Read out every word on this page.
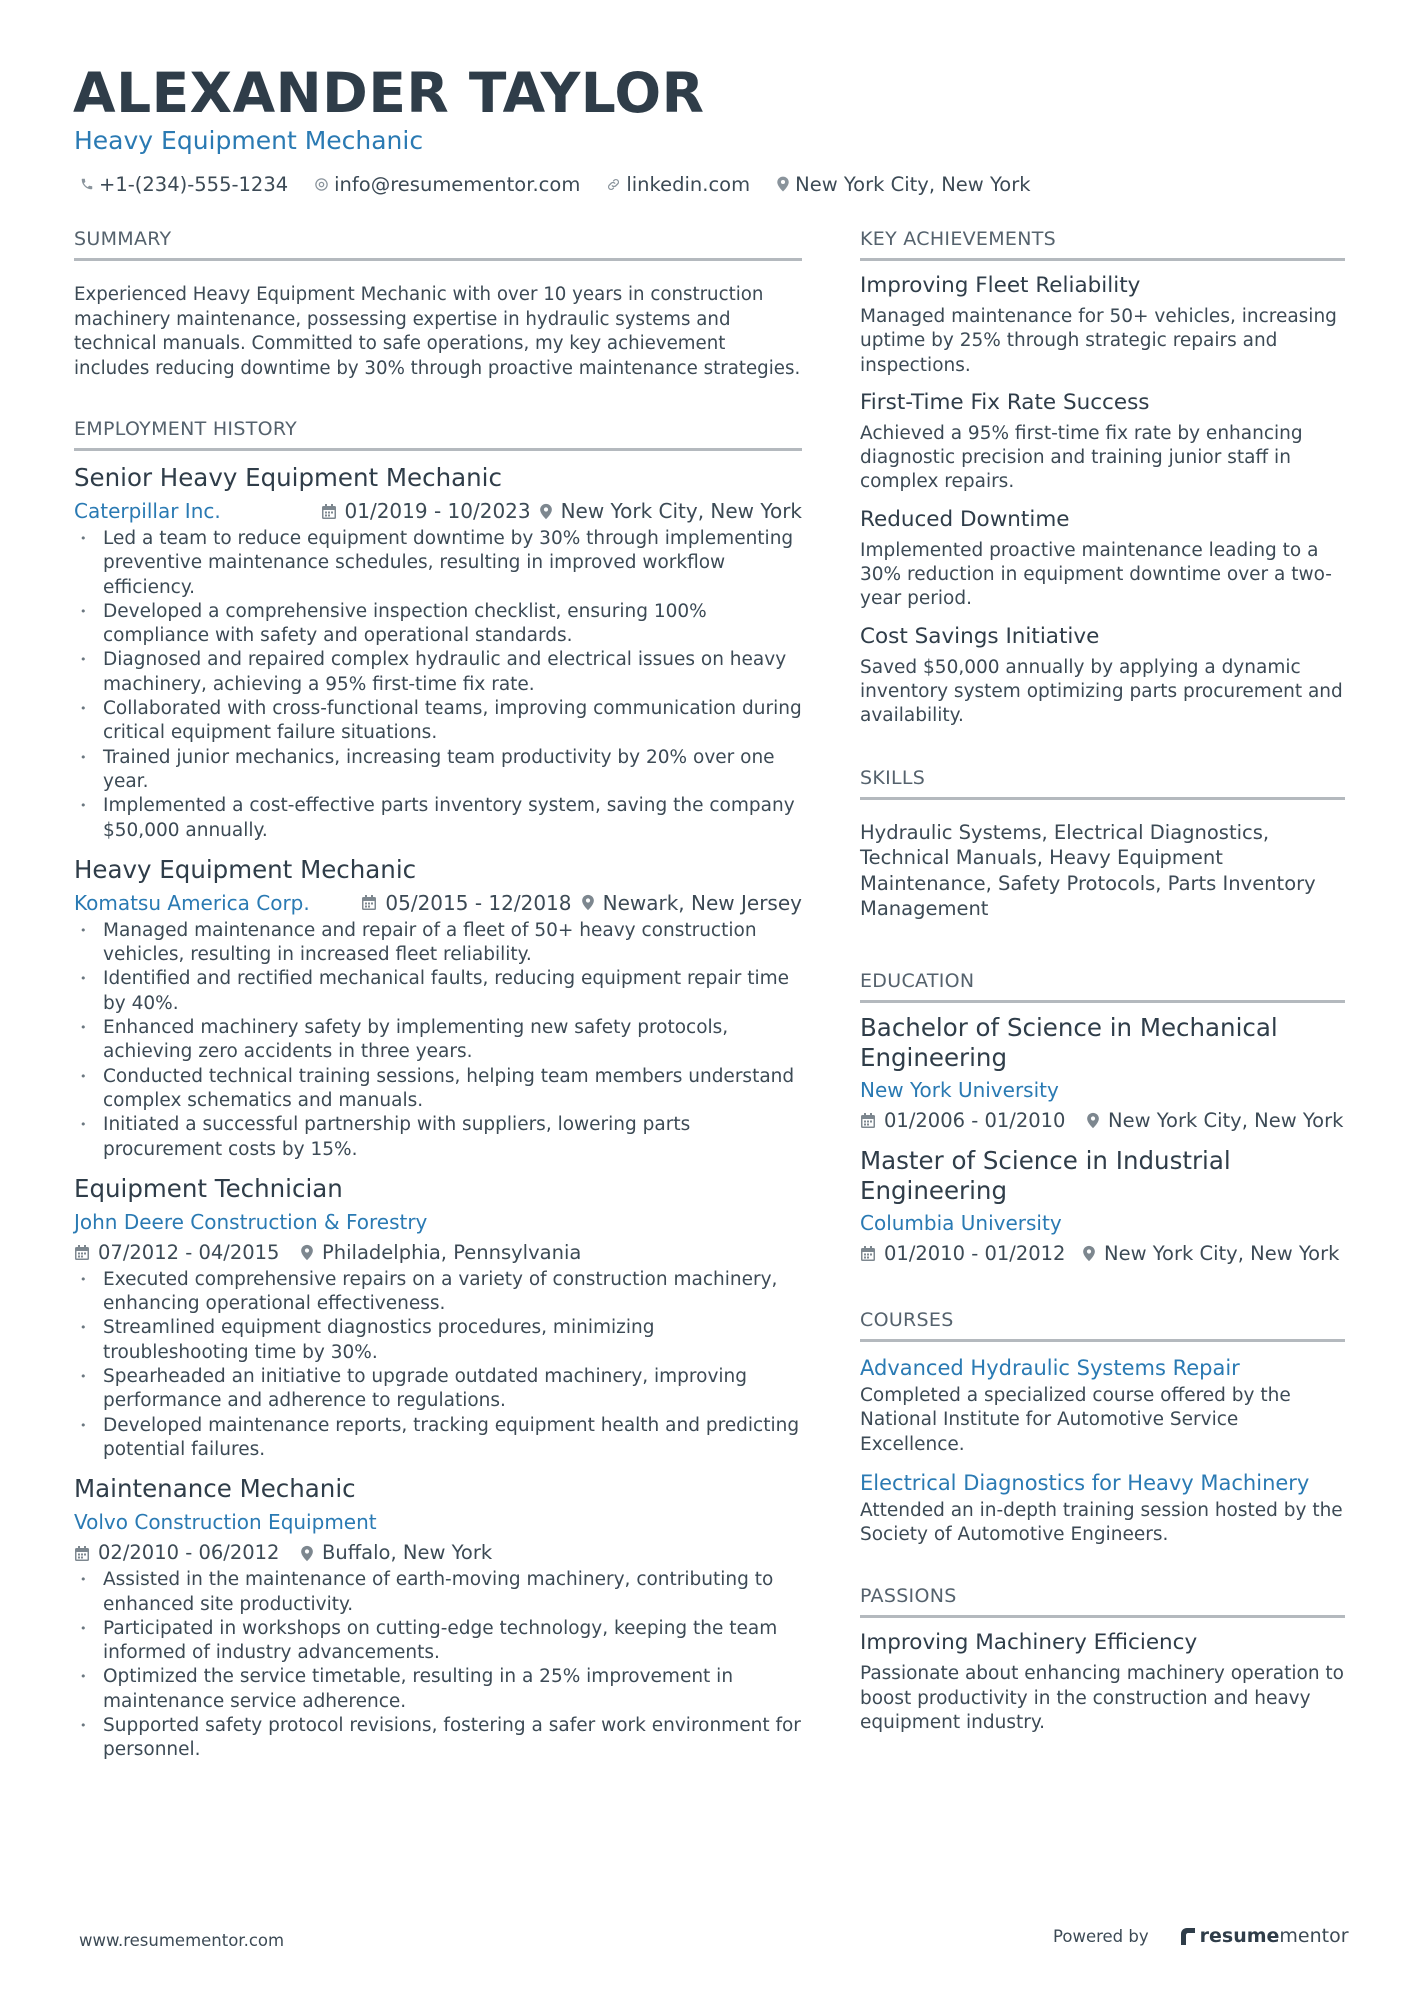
ALEXANDER TAYLOR
Heavy Equipment Mechanic
+1-(234)-555-1234 info@resumementor.com linkedin.com New York City, New York
SUMMARY

Experienced Heavy Equipment Mechanic with over 10 years in construction machinery maintenance, possessing expertise in hydraulic systems and technical manuals. Committed to safe operations, my key achievement includes reducing downtime by 30% through proactive maintenance strategies.

EMPLOYMENT HISTORY
Senior Heavy Equipment Mechanic
Caterpillar Inc.	01/2019 - 10/2023 New York City, New York
• Led a team to reduce equipment downtime by 30% through implementing preventive maintenance schedules, resulting in improved workflow efficiency.
• Developed a comprehensive inspection checklist, ensuring 100% compliance with safety and operational standards.
• Diagnosed and repaired complex hydraulic and electrical issues on heavy machinery, achieving a 95% first-time fix rate.
• Collaborated with cross-functional teams, improving communication during critical equipment failure situations.
• Trained junior mechanics, increasing team productivity by 20% over one year.
• Implemented a cost-effective parts inventory system, saving the company $50,000 annually.
Heavy Equipment Mechanic
Komatsu America Corp.	05/2015 - 12/2018 Newark, New Jersey
• Managed maintenance and repair of a fleet of 50+ heavy construction vehicles, resulting in increased fleet reliability.
• Identified and rectified mechanical faults, reducing equipment repair time by 40%.
• Enhanced machinery safety by implementing new safety protocols, achieving zero accidents in three years.
• Conducted technical training sessions, helping team members understand complex schematics and manuals.
• Initiated a successful partnership with suppliers, lowering parts procurement costs by 15%.
Equipment Technician
John Deere Construction & Forestry
07/2012 - 04/2015 Philadelphia, Pennsylvania
• Executed comprehensive repairs on a variety of construction machinery, enhancing operational effectiveness.
• Streamlined equipment diagnostics procedures, minimizing troubleshooting time by 30%.
• Spearheaded an initiative to upgrade outdated machinery, improving performance and adherence to regulations.
• Developed maintenance reports, tracking equipment health and predicting potential failures.
Maintenance Mechanic
Volvo Construction Equipment
02/2010 - 06/2012 Buffalo, New York
• Assisted in the maintenance of earth-moving machinery, contributing to enhanced site productivity.
• Participated in workshops on cutting-edge technology, keeping the team informed of industry advancements.
• Optimized the service timetable, resulting in a 25% improvement in maintenance service adherence.
• Supported safety protocol revisions, fostering a safer work environment for personnel.
KEY ACHIEVEMENTS
Improving Fleet Reliability
Managed maintenance for 50+ vehicles, increasing uptime by 25% through strategic repairs and inspections.
First-Time Fix Rate Success
Achieved a 95% first-time fix rate by enhancing diagnostic precision and training junior staff in complex repairs.
Reduced Downtime
Implemented proactive maintenance leading to a 30% reduction in equipment downtime over a two-year period.
Cost Savings Initiative
Saved $50,000 annually by applying a dynamic inventory system optimizing parts procurement and availability.
SKILLS
Hydraulic Systems, Electrical Diagnostics, Technical Manuals, Heavy Equipment Maintenance, Safety Protocols, Parts Inventory Management
EDUCATION
Bachelor of Science in Mechanical Engineering
New York University
01/2006 - 01/2010 New York City, New York
Master of Science in Industrial Engineering
Columbia University
01/2010 - 01/2012 New York City, New York
COURSES
Advanced Hydraulic Systems Repair
Completed a specialized course offered by the National Institute for Automotive Service Excellence.
Electrical Diagnostics for Heavy Machinery
Attended an in-depth training session hosted by the Society of Automotive Engineers.
PASSIONS
Improving Machinery Efficiency
Passionate about enhancing machinery operation to boost productivity in the construction and heavy equipment industry.
www.resumementor.com	Powered by	resume mentor
